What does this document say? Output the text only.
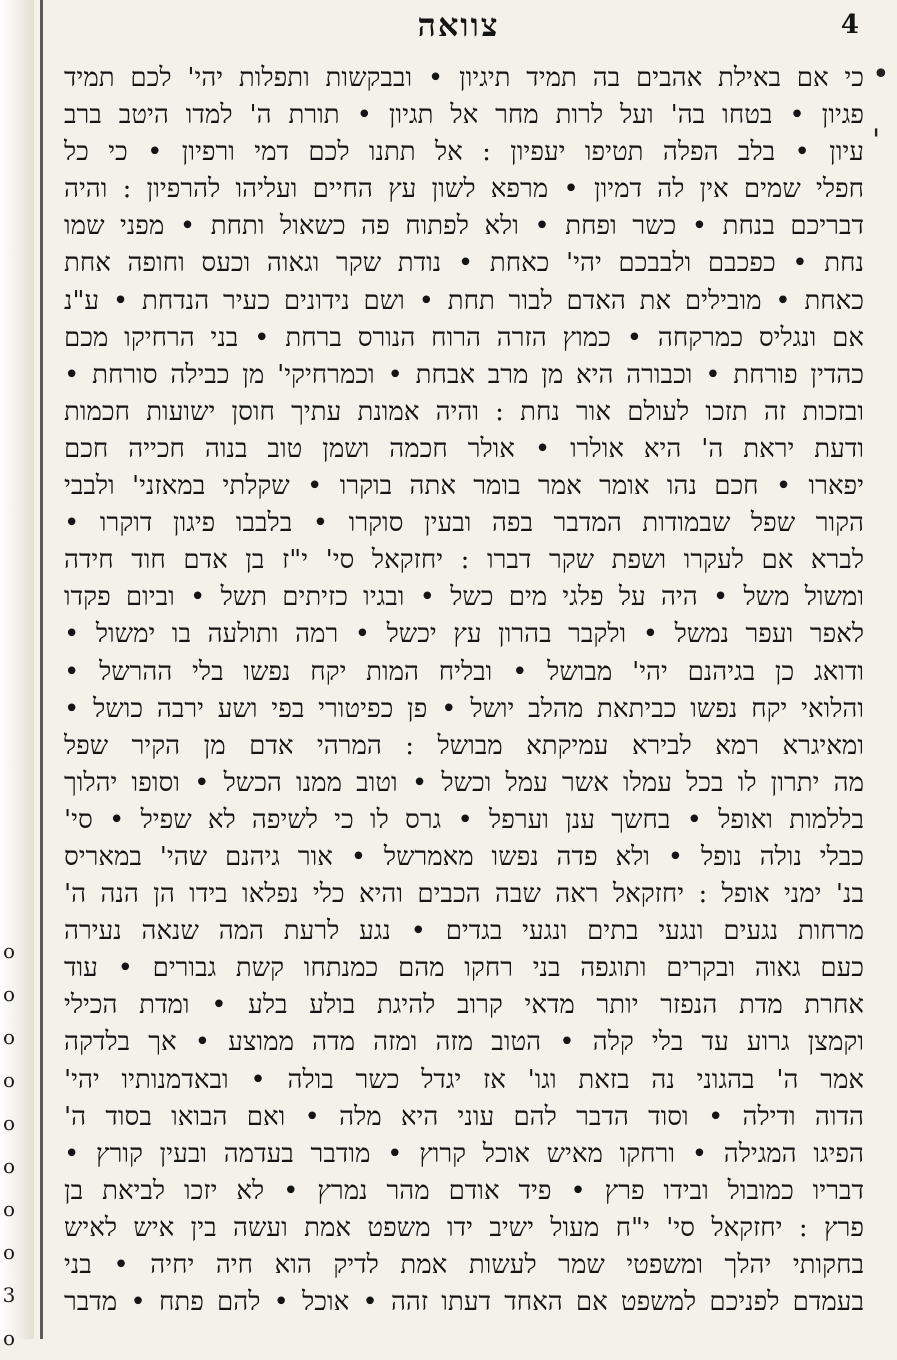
o
o
o
o
o
o
o
o
3
o
צוואה	4
•
'
כי אם באילת אהבים בה תמיד תיגיון • ובבקשות ותפלות יהי' לכם תמיד
פגיון • בטחו בה' ועל לרות מחר אל תגיון • תורת ה' למדו היטב ברב
עיון • בלב הפלה תטיפו יעפיון : אל תתנו לכם דמי ורפיון • כי כל
חפלי שמים אין לה דמיון • מרפא לשון עץ החיים ועליהו להרפיון : והיה
דבריכם בנחת • כשר ופחת • ולא לפתוח פה כשאול ותחת • מפני שמו
נחת • כפכבם ולבבכם יהי' כאחת • נודת שקר וגאוה וכעס וחופה אחת
כאחת • מובילים את האדם לבור תחת • ושם נידונים כעיר הנדחת • ע"נ
אם ונגליס כמרקחה • כמוץ הזרה הרוח הנורס ברחת • בני הרחיקו מכם
כהדין פורחת • וכבורה היא מן מרב אבחת • וכמרחיקי' מן כבילה סורחת •
ובזכות זה תזכו לעולם אור נחת : והיה אמונת עתיך חוסן ישועות חכמות
ודעת יראת ה' היא אולרו • אולר חכמה ושמן טוב בנוה חכייה חכם
יפארו • חכם נהו אומר אמר בומר אתה בוקרו • שקלתי במאזני' ולבבי
הקור שפל שבמודות המדבר בפה ובעין סוקרו • בלבבו פיגון דוקרו •
לברא אם לעקרו ושפת שקר דברו : יחזקאל סי' י"ז בן אדם חוד חידה
ומשול משל • היה על פלגי מים כשל • ובגיו כזיתים תשל • וביום פקדו
לאפר ועפר נמשל • ולקבר בהרון עץ יכשל • רמה ותולעה בו ימשול •
ודואג כן בגיהנם יהי' מבושל • ובליח המות יקח נפשו בלי ההרשל •
והלואי יקח נפשו כביתאת מהלב יושל • פן כפיטורי בפי ושע ירבה כושל •
ומאיגרא רמא לבירא עמיקתא מבושל : המרהי אדם מן הקיר שפל
מה יתרון לו בכל עמלו אשר עמל וכשל • וטוב ממנו הכשל • וסופו יהלוך
בללמות ואופל • בחשך ענן וערפל • גרס לו כי לשיפה לא שפיל • סי'
כבלי נולה נופל • ולא פדה נפשו מאמרשל • אור גיהנם שהי' במאריס
בנ' ימני אופל : יחזקאל ראה שבה הכבים והיא כלי נפלאו בידו הן הנה ה'
מרחות נגעים ונגעי בתים ונגעי בגדים • נגע לרעת המה שנאה נעירה
כעם גאוה ובקרים ותוגפה בני רחקו מהם כמנתחו קשת גבורים • עוד
אחרת מדת הנפזר יותר מדאי קרוב להיגת בולע בלע • ומדת הכילי
וקמצן גרוע עד בלי קלה • הטוב מזה ומזה מדה ממוצע • אך בלדקה
אמר ה' בהגוני נה בזאת וגו' אז יגדל כשר בולה • ובאדמנותיו יהי'
הדוה ודילה • וסוד הדבר להם עוני היא מלה • ואם הבואו בסוד ה'
הפיגו המגילה • ורחקו מאיש אוכל קרוץ • מודבר בעדמה ובעין קורץ •
דבריו כמובול ובידו פרץ • פיד אודם מהר נמרץ • לא יזכו לביאת בן
פרץ : יחזקאל סי' י"ח מעול ישיב ידו משפט אמת ועשה בין איש לאיש
בחקותי יהלך ומשפטי שמר לעשות אמת לדיק הוא חיה יחיה • בני
בעמדם לפניכם למשפט אם האחד דעתו זהה • אוכל • להם פתח • מדבר
